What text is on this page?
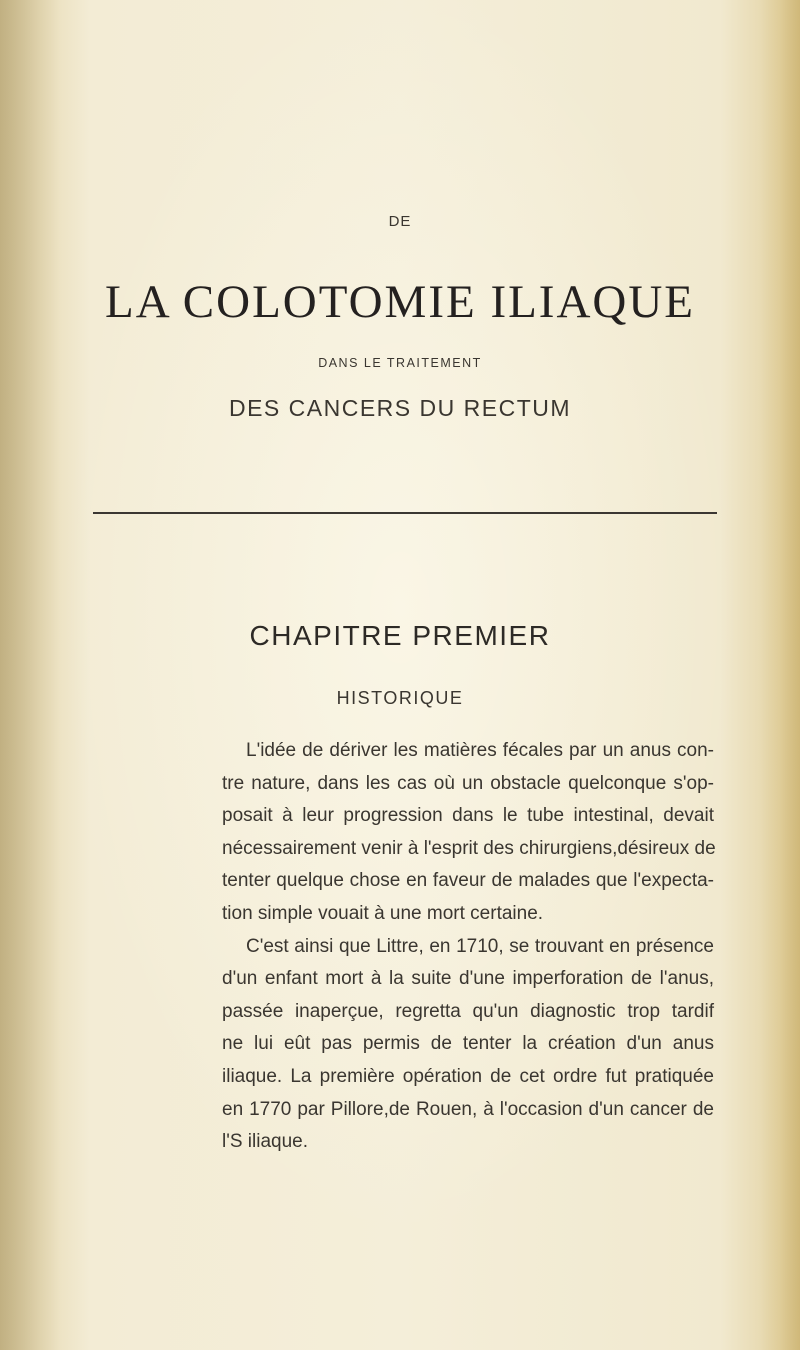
DE
LA COLOTOMIE ILIAQUE
DANS LE TRAITEMENT
DES CANCERS DU RECTUM
CHAPITRE PREMIER
HISTORIQUE
L'idée de dériver les matières fécales par un anus con-
tre nature, dans les cas où un obstacle quelconque s'op-
posait à leur progression dans le tube intestinal, devait
nécessairement venir à l'esprit des chirurgiens,désireux de
tenter quelque chose en faveur de malades que l'expecta-
tion simple vouait à une mort certaine.
C'est ainsi que Littre, en 1710, se trouvant en présence
d'un enfant mort à la suite d'une imperforation de l'anus,
passée inaperçue, regretta qu'un diagnostic trop tardif
ne lui eût pas permis de tenter la création d'un anus
iliaque. La première opération de cet ordre fut pratiquée
en 1770 par Pillore,de Rouen, à l'occasion d'un cancer de
l'S iliaque.
